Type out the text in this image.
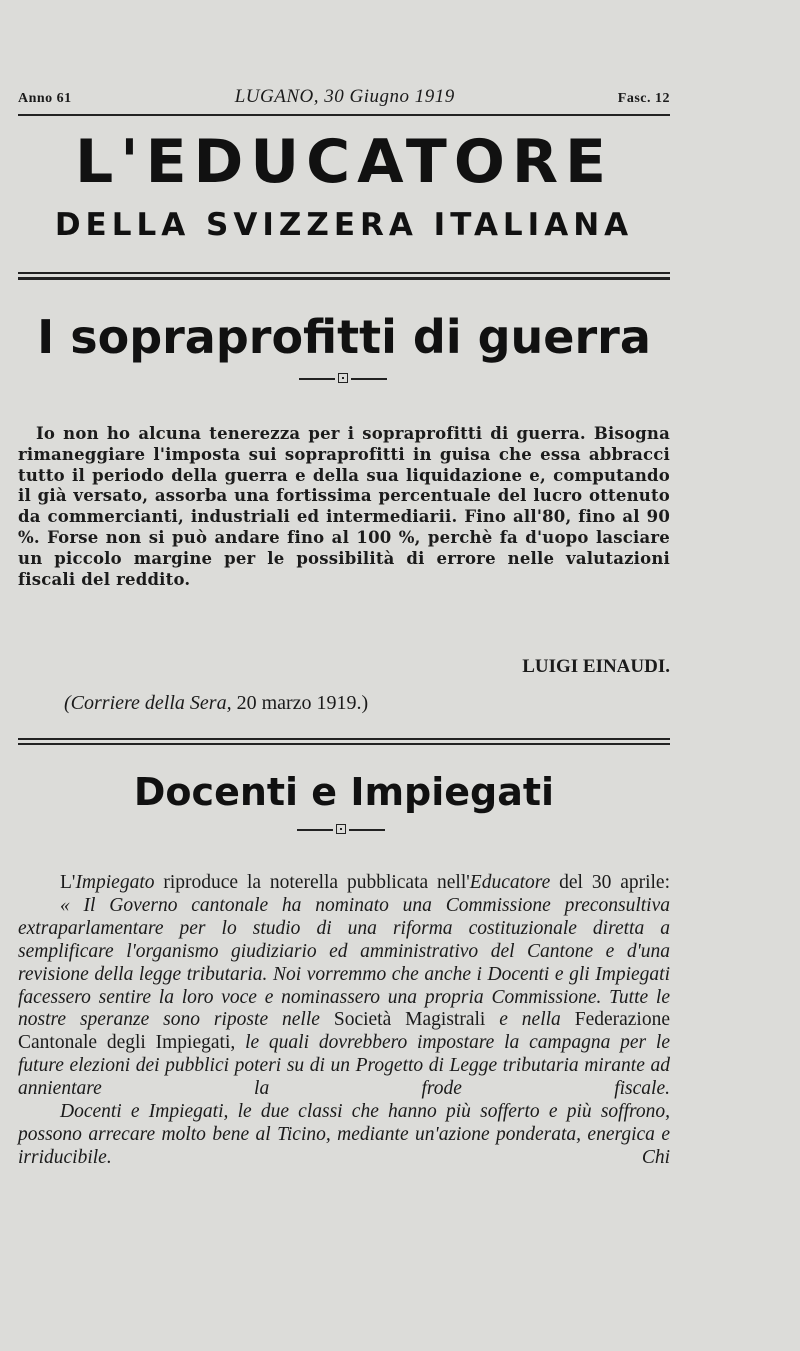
Anno 61	LUGANO, 30 Giugno 1919	Fasc. 12
L'EDUCATORE
DELLA SVIZZERA ITALIANA
I sopraprofitti di guerra
Io non ho alcuna tenerezza per i sopraprofitti di guerra. Bisogna rimaneggiare l'imposta sui sopraprofitti in guisa che essa abbracci tutto il periodo della guerra e della sua liquidazione e, computando il già versato, assorba una fortissima percentuale del lucro ottenuto da commercianti, industriali ed intermediarii. Fino all'80, fino al 90 %. Forse non si può andare fino al 100 %, perchè fa d'uopo lasciare un piccolo margine per le possibilità di errore nelle valutazioni fiscali del reddito.
LUIGI EINAUDI.
(Corriere della Sera, 20 marzo 1919.)
Docenti e Impiegati
L'Impiegato riproduce la noterella pubblicata nell'Educatore del 30 aprile:
« Il Governo cantonale ha nominato una Commissione preconsultiva extraparlamentare per lo studio di una riforma costituzionale diretta a semplificare l'organismo giudiziario ed amministrativo del Cantone e d'una revisione della legge tributaria. Noi vorremmo che anche i Docenti e gli Impiegati facessero sentire la loro voce e nominassero una propria Commissione. Tutte le nostre speranze sono riposte nelle Società Magistrali e nella Federazione Cantonale degli Impiegati, le quali dovrebbero impostare la campagna per le future elezioni dei pubblici poteri su di un Progetto di Legge tributaria mirante ad annientare la frode fiscale.
Docenti e Impiegati, le due classi che hanno più sofferto e più soffrono, possono arrecare molto bene al Ticino, mediante un'azione ponderata, energica e irriducibile. Chi
